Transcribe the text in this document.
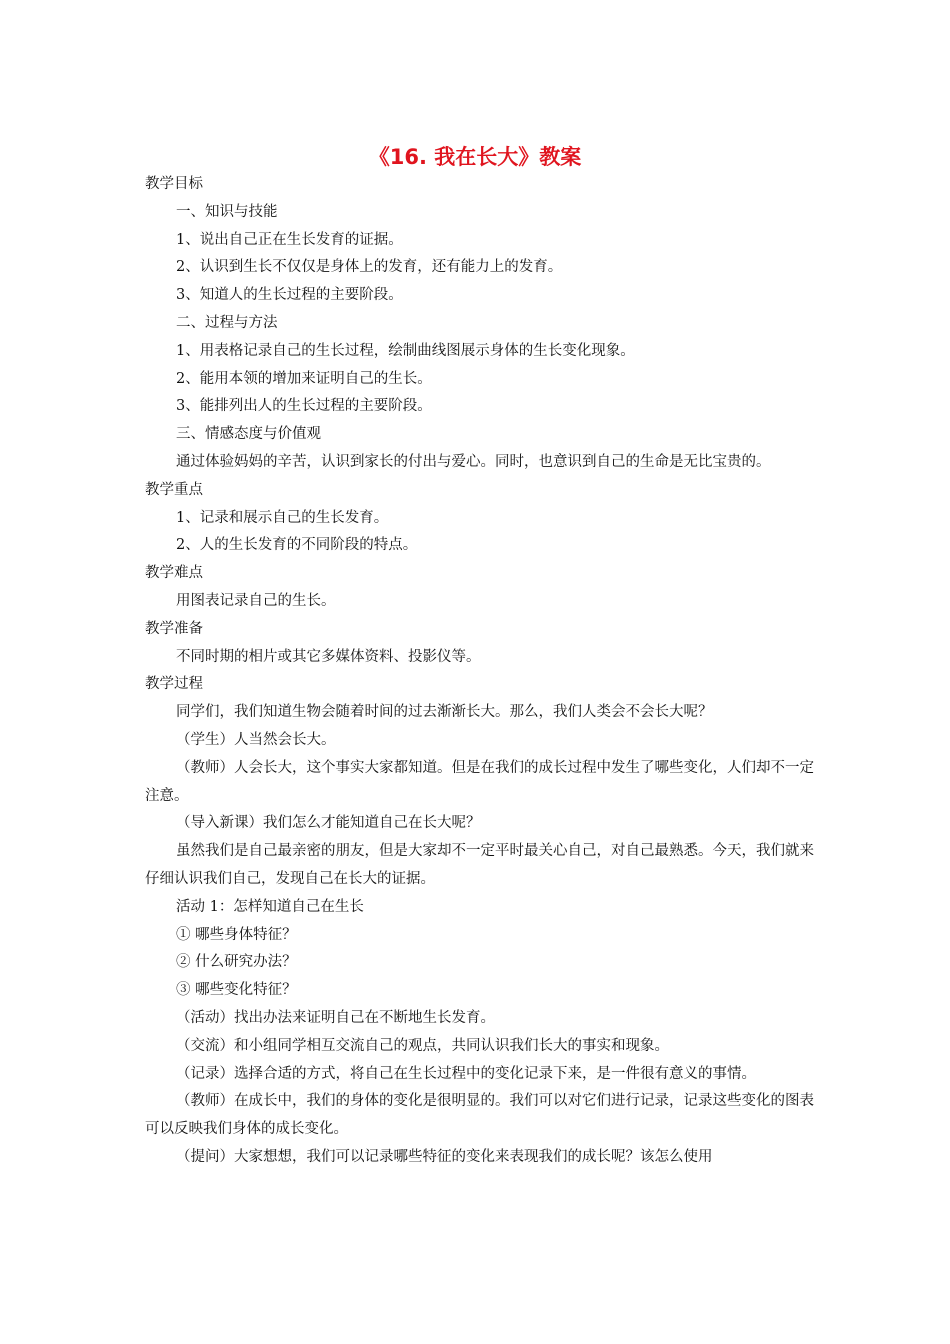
《16. 我在长大》教案

教学目标

一、知识与技能

1、说出自己正在生长发育的证据。

2、认识到生长不仅仅是身体上的发育，还有能力上的发育。

3、知道人的生长过程的主要阶段。

二、过程与方法

1、用表格记录自己的生长过程，绘制曲线图展示身体的生长变化现象。

2、能用本领的增加来证明自己的生长。

3、能排列出人的生长过程的主要阶段。

三、情感态度与价值观

通过体验妈妈的辛苦，认识到家长的付出与爱心。同时，也意识到自己的生命是无比宝贵的。

教学重点

1、记录和展示自己的生长发育。

2、人的生长发育的不同阶段的特点。

教学难点

用图表记录自己的生长。

教学准备

不同时期的相片或其它多媒体资料、投影仪等。

教学过程

同学们，我们知道生物会随着时间的过去渐渐长大。那么，我们人类会不会长大呢？

（学生）人当然会长大。

（教师）人会长大，这个事实大家都知道。但是在我们的成长过程中发生了哪些变化，人们却不一定注意。

（导入新课）我们怎么才能知道自己在长大呢？

虽然我们是自己最亲密的朋友，但是大家却不一定平时最关心自己，对自己最熟悉。今天，我们就来仔细认识我们自己，发现自己在长大的证据。

活动 1：怎样知道自己在生长

① 哪些身体特征？

② 什么研究办法？

③ 哪些变化特征？

（活动）找出办法来证明自己在不断地生长发育。

（交流）和小组同学相互交流自己的观点，共同认识我们长大的事实和现象。

（记录）选择合适的方式，将自己在生长过程中的变化记录下来，是一件很有意义的事情。

（教师）在成长中，我们的身体的变化是很明显的。我们可以对它们进行记录，记录这些变化的图表可以反映我们身体的成长变化。

（提问）大家想想，我们可以记录哪些特征的变化来表现我们的成长呢？该怎么使用
